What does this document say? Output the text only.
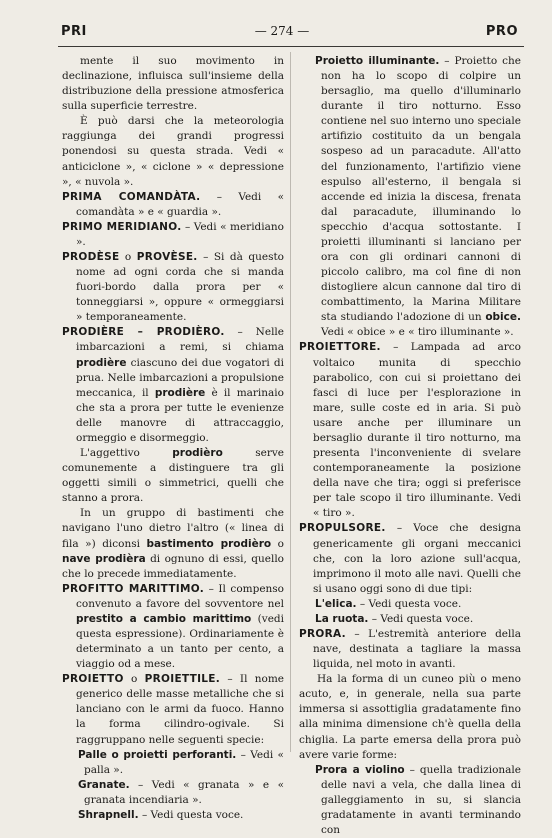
PRI	— 274 —	PRO

mente il suo movimento in declinazione, influisca sull'insieme della distribuzione della pressione atmosferica sulla superficie terrestre.

È può darsi che la meteorologia raggiunga dei grandi progressi ponendosi su questa strada. Vedi « anticiclone », « ciclone » « depressione », « nuvola ».

PRIMA COMANDÀTA. – Vedi « comandàta » e « guardia ».

PRIMO MERIDIANO. – Vedi « meridiano ».

PRODÈSE o PROVÈSE. – Si dà questo nome ad ogni corda che si manda fuori-bordo dalla prora per « tonneggiarsi », oppure « ormeggiarsi » temporaneamente.

PRODIÈRE – PRODIÈRO. – Nelle imbarcazioni a remi, si chiama prodière ciascuno dei due vogatori di prua. Nelle imbarcazioni a propulsione meccanica, il prodière è il marinaio che sta a prora per tutte le evenienze delle manovre di attraccaggio, ormeggio e disormeggio.

L'aggettivo prodièro serve comunemente a distinguere tra gli oggetti simili o simmetrici, quelli che stanno a prora.

In un gruppo di bastimenti che navigano l'uno dietro l'altro (« linea di fila ») diconsi bastimento prodièro o nave prodièra di ognuno di essi, quello che lo precede immediatamente.

PROFITTO MARITTIMO. – Il compenso convenuto a favore del sovventore nel prestito a cambio marittimo (vedi questa espressione). Ordinariamente è determinato a un tanto per cento, a viaggio od a mese.

PROIETTO o PROIETTILE. – Il nome generico delle masse metalliche che si lanciano con le armi da fuoco. Hanno la forma cilindro-ogivale. Si raggruppano nelle seguenti specie:

Palle o proietti perforanti. – Vedi « palla ».

Granate. – Vedi « granata » e « granata incendiaria ».

Shrapnell. – Vedi questa voce.

Proietto illuminante. – Proietto che non ha lo scopo di colpire un bersaglio, ma quello d'illuminarlo durante il tiro notturno. Esso contiene nel suo interno uno speciale artifizio costituito da un bengala sospeso ad un paracadute. All'atto del funzionamento, l'artifizio viene espulso all'esterno, il bengala si accende ed inizia la discesa, frenata dal paracadute, illuminando lo specchio d'acqua sottostante. I proietti illuminanti si lanciano per ora con gli ordinari cannoni di piccolo calibro, ma col fine di non distogliere alcun cannone dal tiro di combattimento, la Marina Militare sta studiando l'adozione di un obice. Vedi « obice » e « tiro illuminante ».

PROIETTORE. – Lampada ad arco voltaico munita di specchio parabolico, con cui si proiettano dei fasci di luce per l'esplorazione in mare, sulle coste ed in aria. Si può usare anche per illuminare un bersaglio durante il tiro notturno, ma presenta l'inconveniente di svelare contemporaneamente la posizione della nave che tira; oggi si preferisce per tale scopo il tiro illuminante. Vedi « tiro ».

PROPULSORE. – Voce che designa genericamente gli organi meccanici che, con la loro azione sull'acqua, imprimono il moto alle navi. Quelli che si usano oggi sono di due tipi:

L'elica. – Vedi questa voce.

La ruota. – Vedi questa voce.

PRORA. – L'estremità anteriore della nave, destinata a tagliare la massa liquida, nel moto in avanti.

Ha la forma di un cuneo più o meno acuto, e, in generale, nella sua parte immersa si assottiglia gradatamente fino alla minima dimensione ch'è quella della chiglia. La parte emersa della prora può avere varie forme:

Prora a violino – quella tradizionale delle navi a vela, che dalla linea di galleggiamento in su, si slancia gradatamente in avanti terminando con
